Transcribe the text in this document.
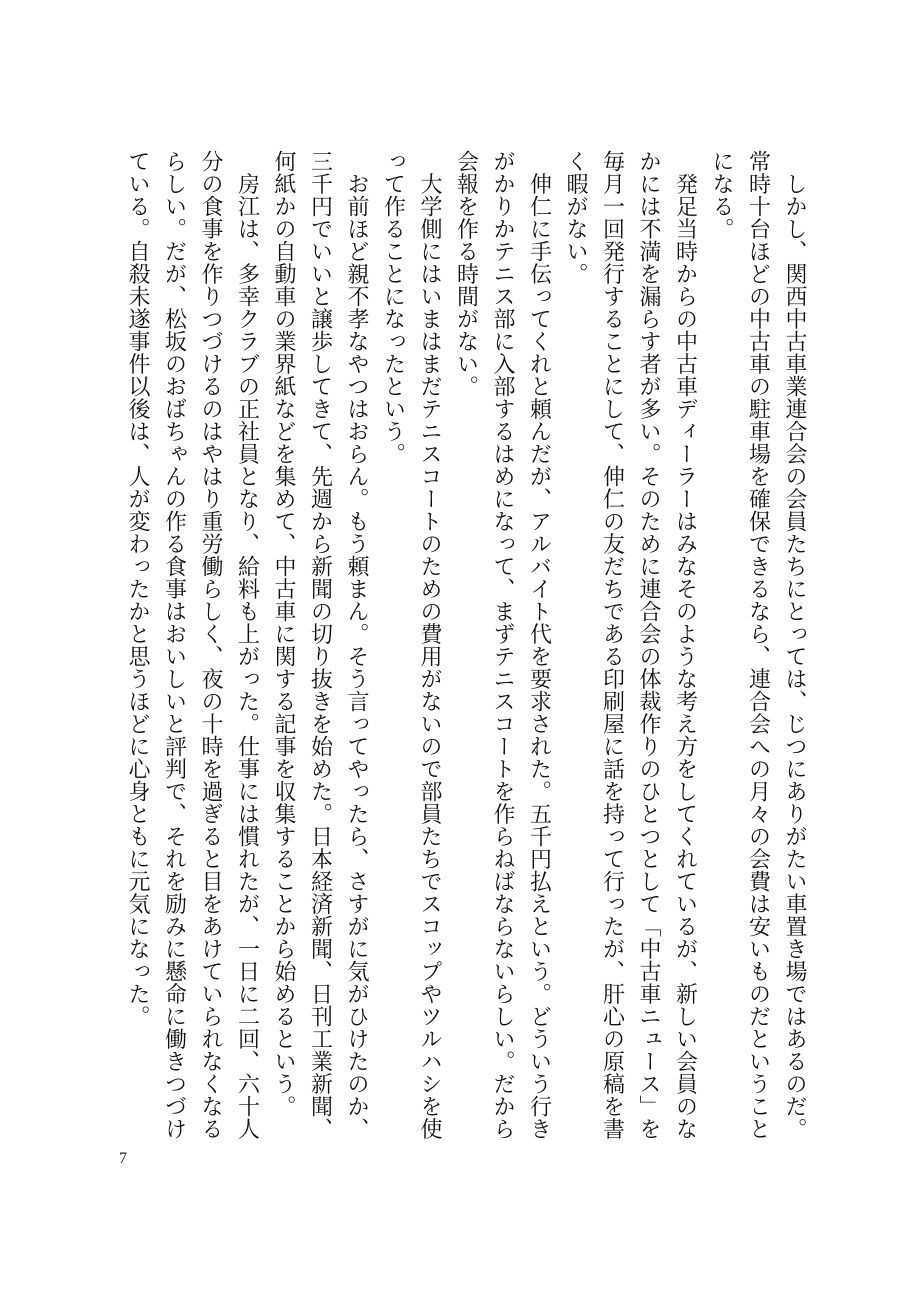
　しかし、関西中古車業連合会の会員たちにとっては、じつにありがたい車置き場ではあるのだ。常時十台ほどの中古車の駐車場を確保できるなら、連合会への月々の会費は安いものだということになる。

　発足当時からの中古車ディーラーはみなそのような考え方をしてくれているが、新しい会員のなかには不満を漏らす者が多い。そのために連合会の体裁作りのひとつとして「中古車ニュース」を毎月一回発行することにして、伸仁の友だちである印刷屋に話を持って行ったが、肝心の原稿を書く暇がない。

　伸仁に手伝ってくれと頼んだが、アルバイト代を要求された。五千円払えという。どういう行きがかりかテニス部に入部するはめになって、まずテニスコートを作らねばならないらしい。だから会報を作る時間がない。

　大学側にはいまはまだテニスコートのための費用がないので部員たちでスコップやツルハシを使って作ることになったという。

　お前ほど親不孝なやつはおらん。もう頼まん。そう言ってやったら、さすがに気がひけたのか、三千円でいいと譲歩してきて、先週から新聞の切り抜きを始めた。日本経済新聞、日刊工業新聞、何紙かの自動車の業界紙などを集めて、中古車に関する記事を収集することから始めるという。

　房江は、多幸クラブの正社員となり、給料も上がった。仕事には慣れたが、一日に二回、六十人分の食事を作りつづけるのはやはり重労働らしく、夜の十時を過ぎると目をあけていられなくなるらしい。だが、松坂のおばちゃんの作る食事はおいしいと評判で、それを励みに懸命に働きつづけている。自殺未遂事件以後は、人が変わったかと思うほどに心身ともに元気になった。

7
